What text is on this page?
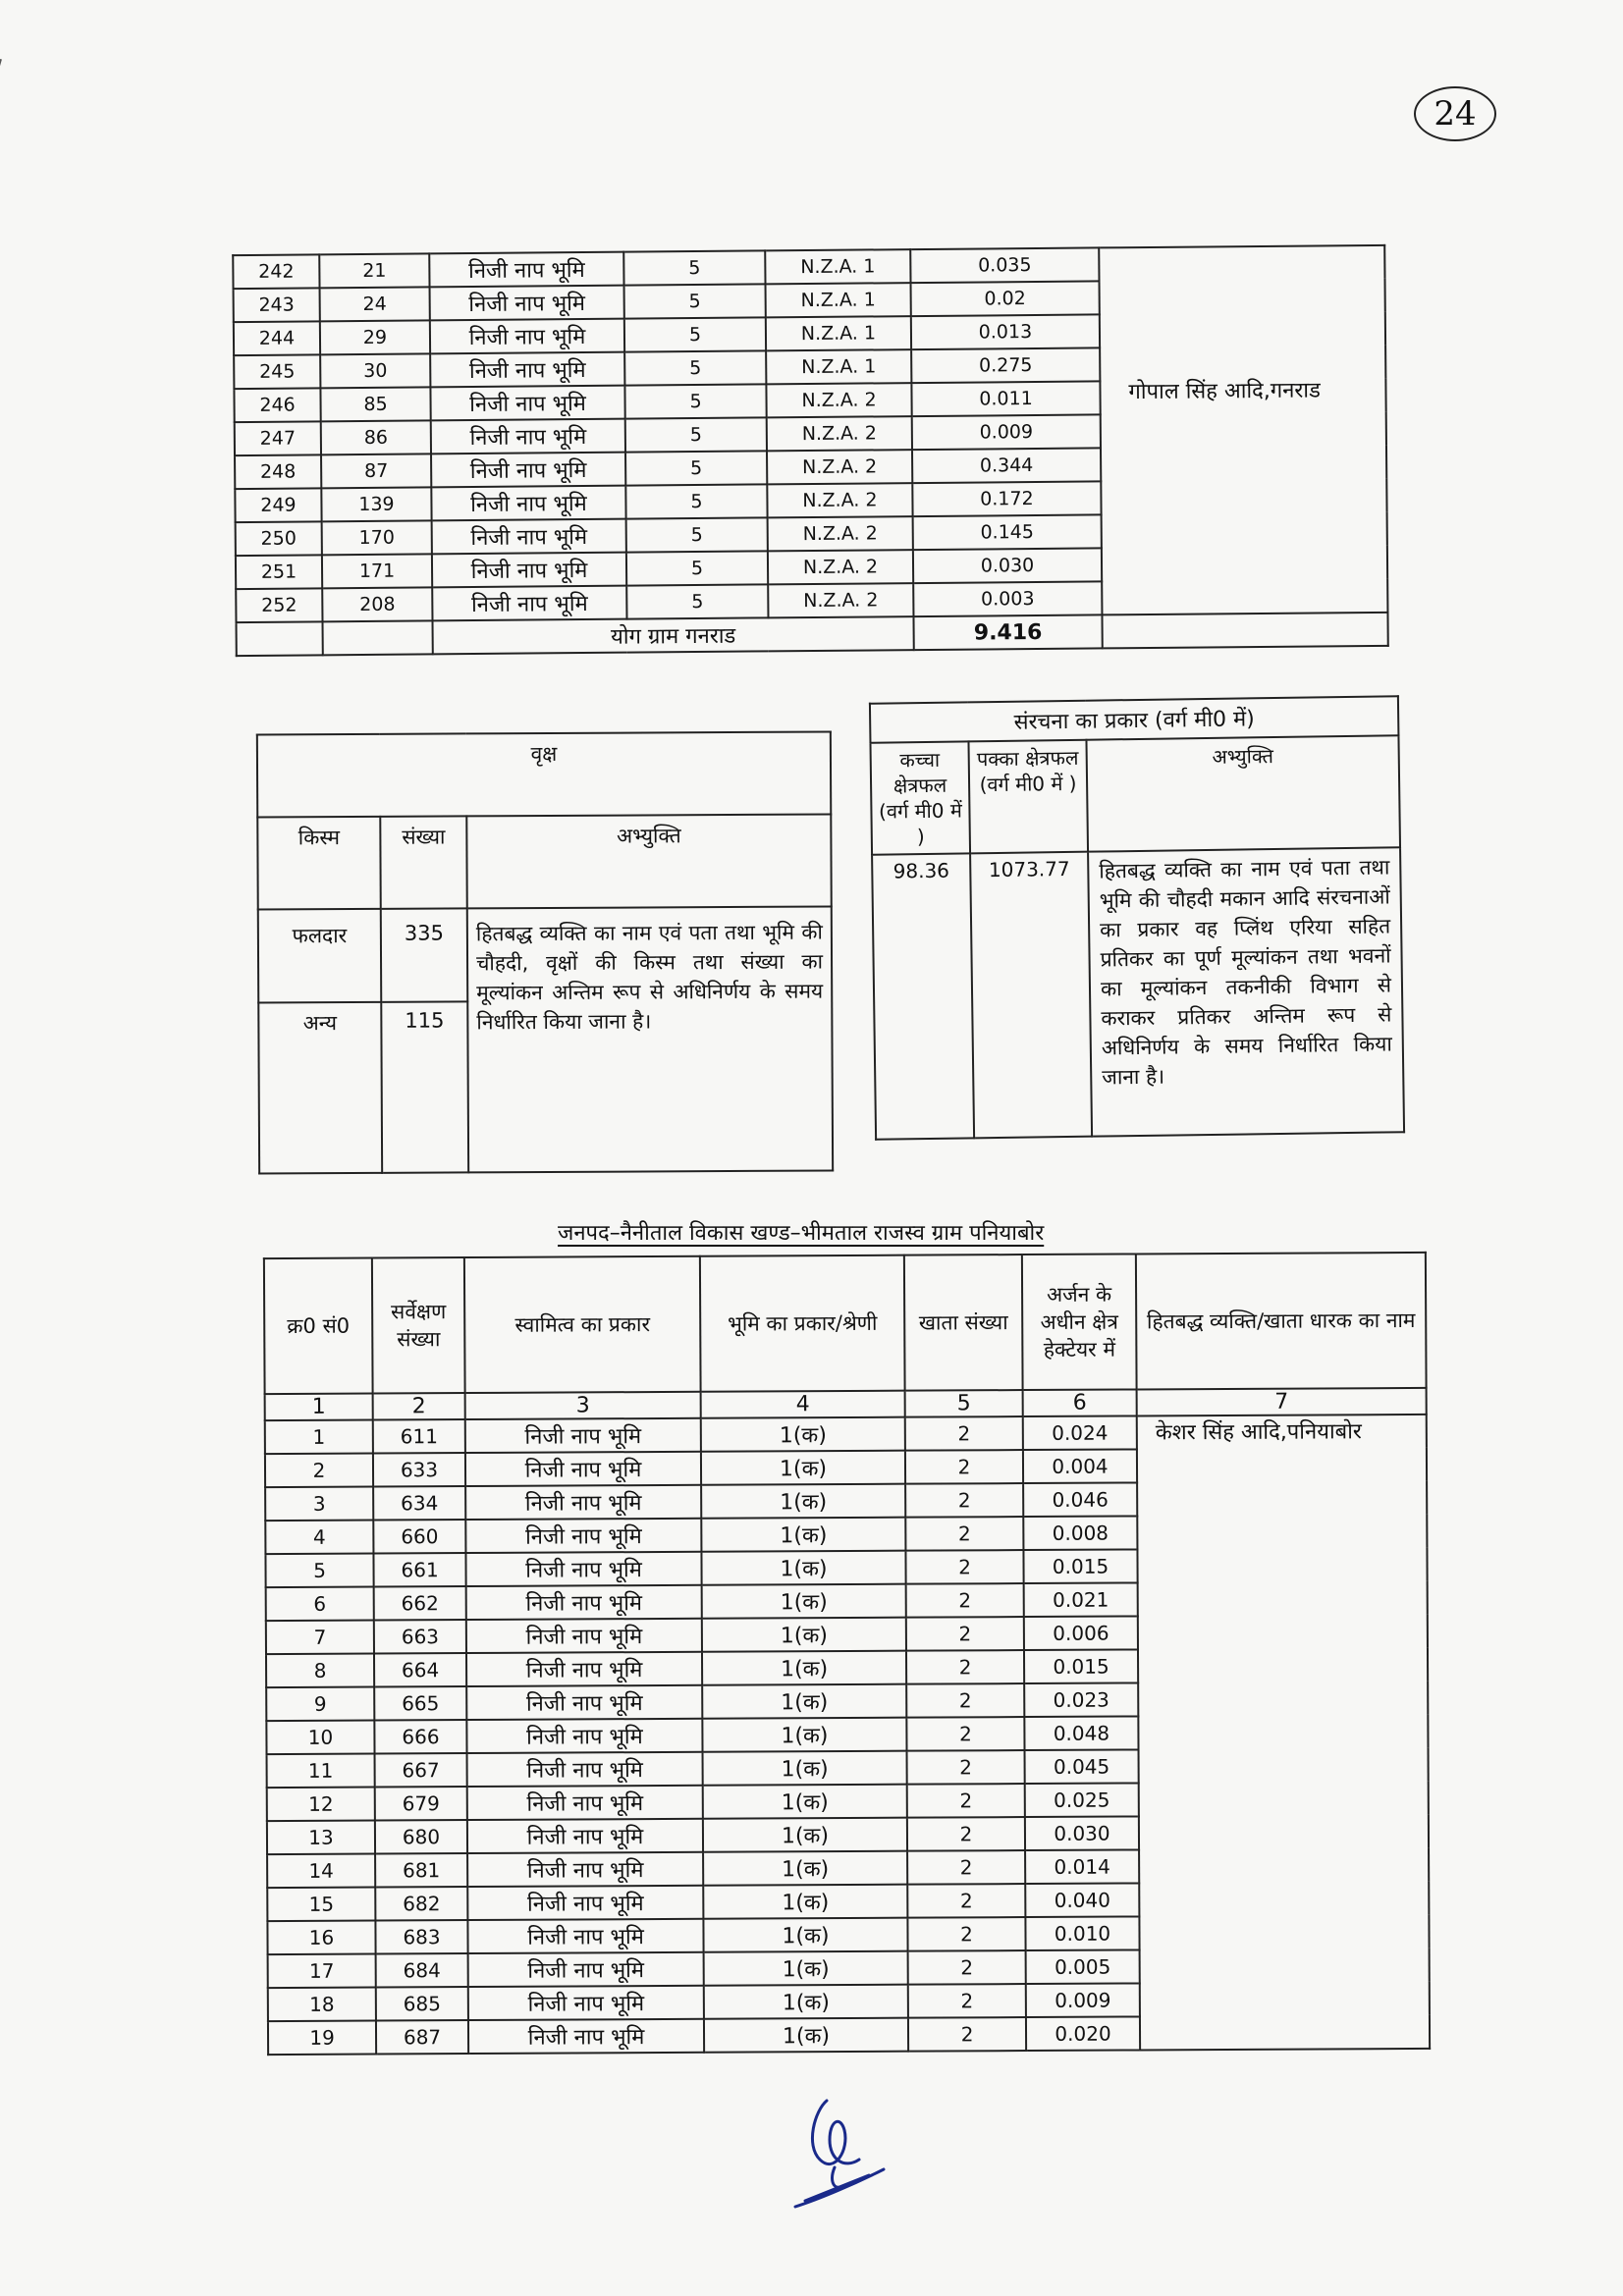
24
242	21	निजी नाप भूमि	5	N.Z.A. 1	0.035	गोपाल सिंह आदि,गनराड
243	24	निजी नाप भूमि	5	N.Z.A. 1	0.02	
244	29	निजी नाप भूमि	5	N.Z.A. 1	0.013	
245	30	निजी नाप भूमि	5	N.Z.A. 1	0.275	
246	85	निजी नाप भूमि	5	N.Z.A. 2	0.011	
247	86	निजी नाप भूमि	5	N.Z.A. 2	0.009	
248	87	निजी नाप भूमि	5	N.Z.A. 2	0.344	
249	139	निजी नाप भूमि	5	N.Z.A. 2	0.172	
250	170	निजी नाप भूमि	5	N.Z.A. 2	0.145	
251	171	निजी नाप भूमि	5	N.Z.A. 2	0.030	
252	208	निजी नाप भूमि	5	N.Z.A. 2	0.003	
		योग ग्राम गनराड			9.416	
वृक्ष		
किस्म	संख्या	अभ्युक्ति
फलदार	335	हितबद्ध व्यक्ति का नाम एवं पता तथा भूमि की चौहदी, वृक्षों की किस्म तथा संख्या का मूल्यांकन अन्तिम रूप से अधिनिर्णय के समय निर्धारित किया जाना है।
अन्य	115	
संरचना का प्रकार (वर्ग मी0 में)		
कच्चा क्षेत्रफल (वर्ग मी0 में )	पक्का क्षेत्रफल (वर्ग मी0 में )	अभ्युक्ति
98.36	1073.77	हितबद्ध व्यक्ति का नाम एवं पता तथा भूमि की चौहदी मकान आदि संरचनाओं का प्रकार वह प्लिंथ एरिया सहित प्रतिकर का पूर्ण मूल्यांकन तथा भवनों का मूल्यांकन तकनीकी विभाग से कराकर प्रतिकर अन्तिम रूप से अधिनिर्णय के समय निर्धारित किया जाना है।
जनपद–नैनीताल विकास खण्ड–भीमताल राजस्व ग्राम पनियाबोर
क्र0 सं0	सर्वेक्षण संख्या	स्वामित्व का प्रकार	भूमि का प्रकार/श्रेणी	खाता संख्या	अर्जन के अधीन क्षेत्र हेक्टेयर में	हितबद्ध व्यक्ति/खाता धारक का नाम
1	2	3	4	5	6	7
1	611	निजी नाप भूमि	1(क)	2	0.024	केशर सिंह आदि,पनियाबोर
2	633	निजी नाप भूमि	1(क)	2	0.004	
3	634	निजी नाप भूमि	1(क)	2	0.046	
4	660	निजी नाप भूमि	1(क)	2	0.008	
5	661	निजी नाप भूमि	1(क)	2	0.015	
6	662	निजी नाप भूमि	1(क)	2	0.021	
7	663	निजी नाप भूमि	1(क)	2	0.006	
8	664	निजी नाप भूमि	1(क)	2	0.015	
9	665	निजी नाप भूमि	1(क)	2	0.023	
10	666	निजी नाप भूमि	1(क)	2	0.048	
11	667	निजी नाप भूमि	1(क)	2	0.045	
12	679	निजी नाप भूमि	1(क)	2	0.025	
13	680	निजी नाप भूमि	1(क)	2	0.030	
14	681	निजी नाप भूमि	1(क)	2	0.014	
15	682	निजी नाप भूमि	1(क)	2	0.040	
16	683	निजी नाप भूमि	1(क)	2	0.010	
17	684	निजी नाप भूमि	1(क)	2	0.005	
18	685	निजी नाप भूमि	1(क)	2	0.009	
19	687	निजी नाप भूमि	1(क)	2	0.020	
